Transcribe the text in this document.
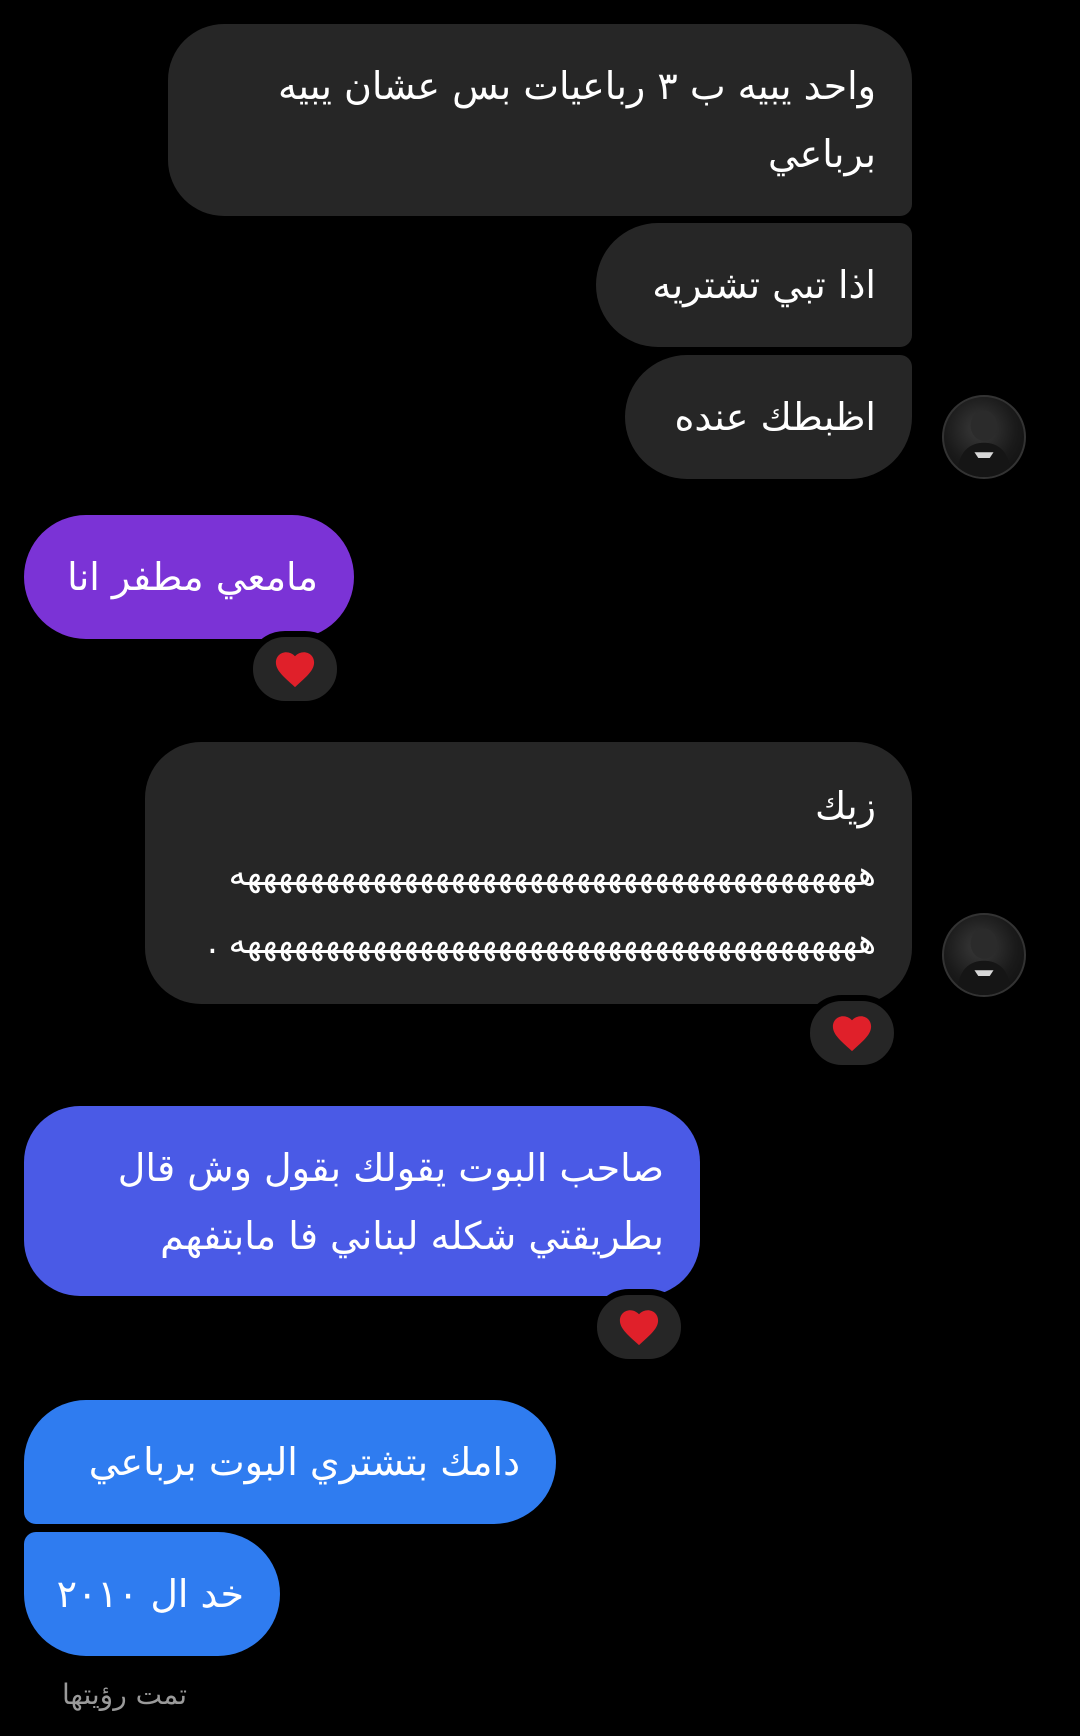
واحد يبيه ب ٣ رباعيات بس عشان يبيه
برباعي
اذا تبي تشتريه
اظبطك عنده
مامعي مطفر انا
زيك
ههههههههههههههههههههههههههههههههههههههههه
ههههههههههههههههههههههههههههههههههههههههه .
صاحب البوت يقولك بقول وش قال
بطريقتي شكله لبناني فا مابتفهم
دامك بتشتري البوت برباعي
خد ال ٢٠١٠
تمت رؤيتها
